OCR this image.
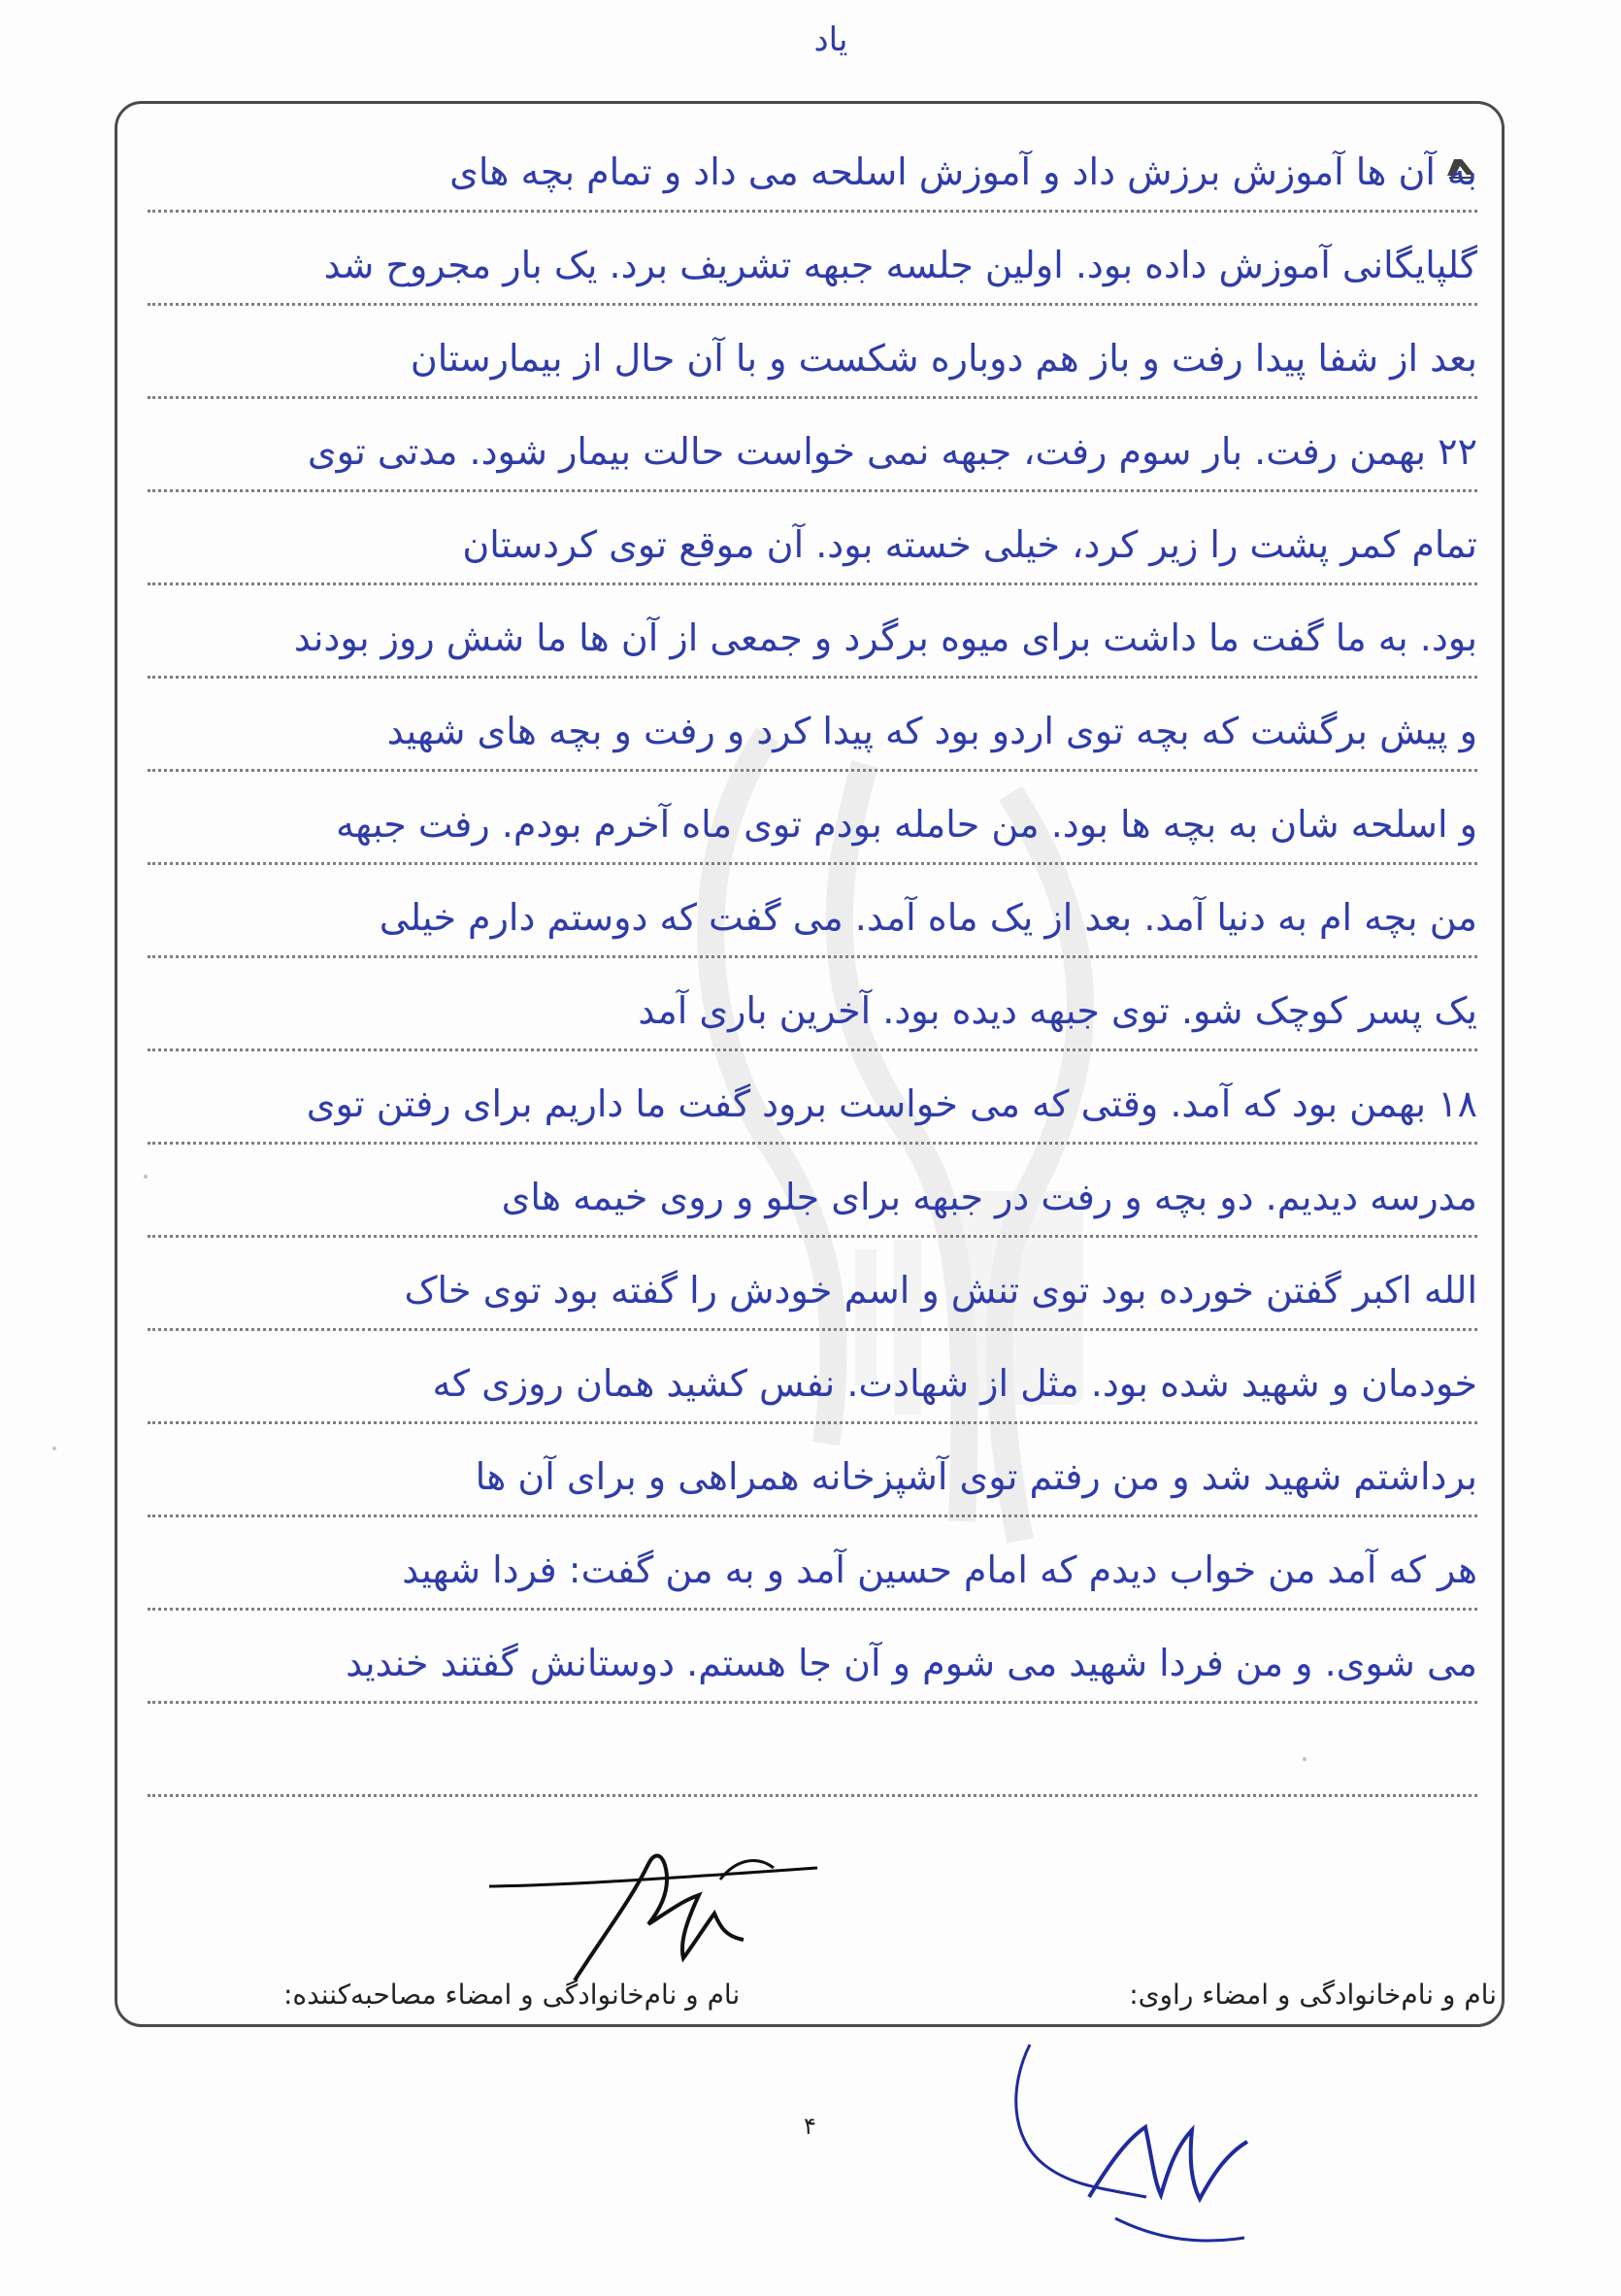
یاد
به آن ها آموزش برزش داد و آموزش اسلحه می داد و تمام بچه های
گلپایگانی آموزش داده بود. اولین جلسه جبهه تشریف برد. یک بار مجروح شد
بعد از شفا پیدا رفت و باز هم دوباره شکست و با آن حال از بیمارستان
۲۲ بهمن رفت. بار سوم رفت، جبهه نمی خواست حالت بیمار شود. مدتی توی
تمام کمر پشت را زیر کرد، خیلی خسته بود. آن موقع توی کردستان
بود. به ما گفت ما داشت برای میوه برگرد و جمعی از آن ها ما شش روز بودند
و پیش برگشت که بچه توی اردو بود که پیدا کرد و رفت و بچه های شهید
و اسلحه شان به بچه ها بود. من حامله بودم توی ماه آخرم بودم. رفت جبهه
من بچه ام به دنیا آمد. بعد از یک ماه آمد. می گفت که دوستم دارم خیلی
یک پسر کوچک شو. توی جبهه دیده بود. آخرین باری آمد
۱۸ بهمن بود که آمد. وقتی که می خواست برود گفت ما داریم برای رفتن توی
مدرسه دیدیم. دو بچه و رفت در جبهه برای جلو و روی خیمه های
الله اکبر گفتن خورده بود توی تنش و اسم خودش را گفته بود توی خاک
خودمان و شهید شده بود. مثل از شهادت. نفس کشید همان روزی که
برداشتم شهید شد و من رفتم توی آشپزخانه همراهی و برای آن ها
هر که آمد من خواب دیدم که امام حسین آمد و به من گفت: فردا شهید
می شوی. و من فردا شهید می شوم و آن جا هستم. دوستانش گفتند خندید
نام و نام‌خانوادگی و امضاء راوی:
نام و نام‌خانوادگی و امضاء مصاحبه‌کننده:
۴
